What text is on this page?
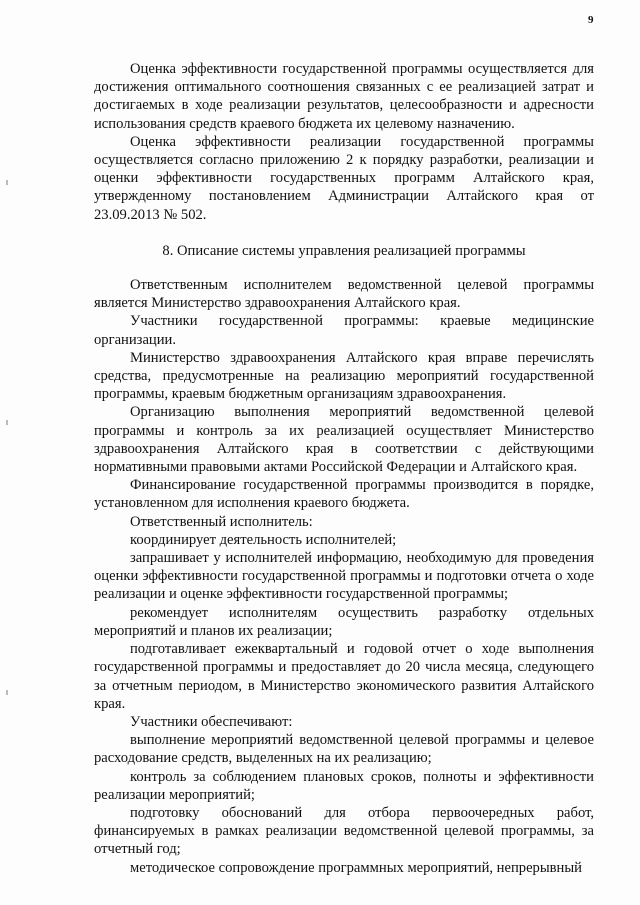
9

Оценка эффективности государственной программы осуществляется для достижения оптимального соотношения связанных с ее реализацией затрат и достигаемых в ходе реализации результатов, целесообразности и адресности использования средств краевого бюджета их целевому назначению.

Оценка эффективности реализации государственной программы осуществляется согласно приложению 2 к порядку разработки, реализации и оценки эффективности государственных программ Алтайского края, утвержденному постановлением Администрации Алтайского края от 23.09.2013 № 502.

8. Описание системы управления реализацией программы

Ответственным исполнителем ведомственной целевой программы является Министерство здравоохранения Алтайского края.

Участники государственной программы: краевые медицинские организации.

Министерство здравоохранения Алтайского края вправе перечислять средства, предусмотренные на реализацию мероприятий государственной программы, краевым бюджетным организациям здравоохранения.

Организацию выполнения мероприятий ведомственной целевой программы и контроль за их реализацией осуществляет Министерство здравоохранения Алтайского края в соответствии с действующими нормативными правовыми актами Российской Федерации и Алтайского края.

Финансирование государственной программы производится в порядке, установленном для исполнения краевого бюджета.

Ответственный исполнитель:

координирует деятельность исполнителей;

запрашивает у исполнителей информацию, необходимую для проведения оценки эффективности государственной программы и подготовки отчета о ходе реализации и оценке эффективности государственной программы;

рекомендует исполнителям осуществить разработку отдельных мероприятий и планов их реализации;

подготавливает ежеквартальный и годовой отчет о ходе выполнения государственной программы и предоставляет до 20 числа месяца, следующего за отчетным периодом, в Министерство экономического развития Алтайского края.

Участники обеспечивают:

выполнение мероприятий ведомственной целевой программы и целевое расходование средств, выделенных на их реализацию;

контроль за соблюдением плановых сроков, полноты и эффективности реализации мероприятий;

подготовку обоснований для отбора первоочередных работ, финансируемых в рамках реализации ведомственной целевой программы, за отчетный год;

методическое сопровождение программных мероприятий, непрерывный
